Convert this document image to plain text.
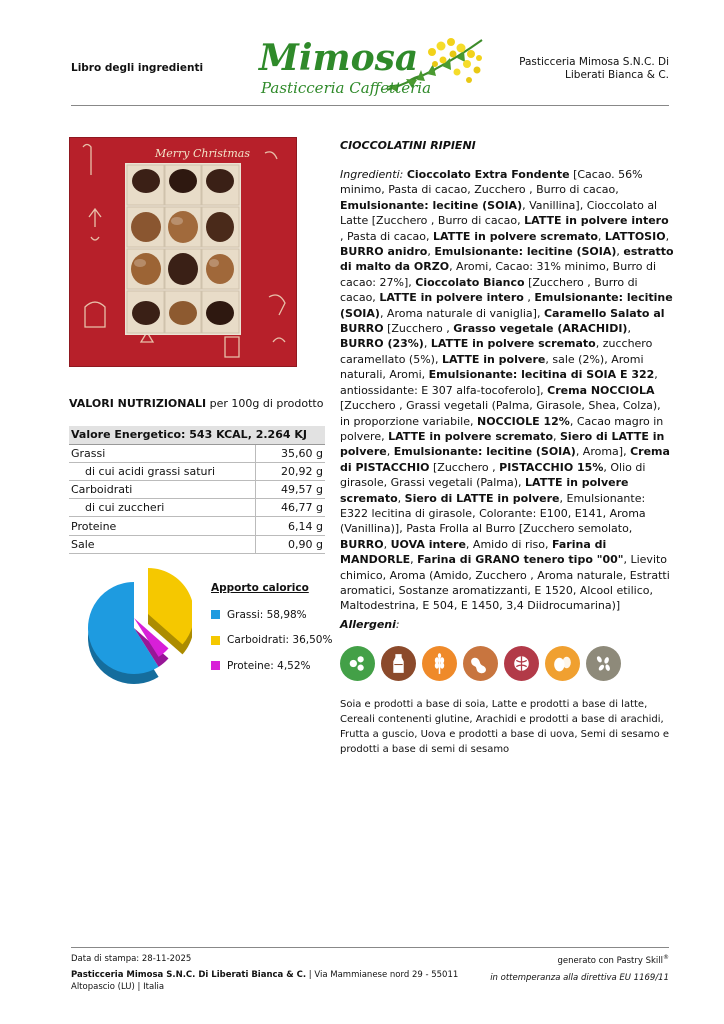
Libro degli ingredienti Mimosa
Pasticceria Caffetteria
Pasticceria Mimosa S.N.C. Di
Liberati Bianca & C.
Merry Christmas
VALORI NUTRIZIONALI per 100g di prodotto
Valore Energetico: 543 KCAL, 2.264 KJ	
Grassi	35,60 g
di cui acidi grassi saturi	20,92 g
Carboidrati	49,57 g
di cui zuccheri	46,77 g
Proteine	6,14 g
Sale	0,90 g
Apporto calorico
Grassi: 58,98%
Carboidrati: 36,50%
Proteine: 4,52%
CIOCCOLATINI RIPIENI
Ingredienti: Cioccolato Extra Fondente [Cacao. 56% minimo, Pasta di cacao, Zucchero , Burro di cacao, Emulsionante: lecitine (SOIA), Vanillina], Cioccolato al Latte [Zucchero , Burro di cacao, LATTE in polvere intero , Pasta di cacao, LATTE in polvere scremato, LATTOSIO, BURRO anidro, Emulsionante: lecitine (SOIA), estratto di malto da ORZO, Aromi, Cacao: 31% minimo, Burro di cacao: 27%], Cioccolato Bianco [Zucchero , Burro di cacao, LATTE in polvere intero , Emulsionante: lecitine (SOIA), Aroma naturale di vaniglia], Caramello Salato al BURRO [Zucchero , Grasso vegetale (ARACHIDI), BURRO (23%), LATTE in polvere scremato, zucchero caramellato (5%), LATTE in polvere, sale (2%), Aromi naturali, Aromi, Emulsionante: lecitina di SOIA E 322, antiossidante: E 307 alfa-tocoferolo], Crema NOCCIOLA [Zucchero , Grassi vegetali (Palma, Girasole, Shea, Colza), in proporzione variabile, NOCCIOLE 12%, Cacao magro in polvere, LATTE in polvere scremato, Siero di LATTE in polvere, Emulsionante: lecitine (SOIA), Aroma], Crema di PISTACCHIO [Zucchero , PISTACCHIO 15%, Olio di girasole, Grassi vegetali (Palma), LATTE in polvere scremato, Siero di LATTE in polvere, Emulsionante: E322 lecitina di girasole, Colorante: E100, E141, Aroma (Vanillina)], Pasta Frolla al Burro [Zucchero semolato, BURRO, UOVA intere, Amido di riso, Farina di MANDORLE, Farina di GRANO tenero tipo "00", Lievito chimico, Aroma (Amido, Zucchero , Aroma naturale, Estratti aromatici, Sostanze aromatizzanti, E 1520, Alcool etilico, Maltodestrina, E 504, E 1450, 3,4 Diidrocumarina)]
Allergeni:
Soia e prodotti a base di soia, Latte e prodotti a base di latte, Cereali contenenti glutine, Arachidi e prodotti a base di arachidi, Frutta a guscio, Uova e prodotti a base di uova, Semi di sesamo e prodotti a base di semi di sesamo
Data di stampa: 28-11-2025	generato con Pastry Skill®
Pasticceria Mimosa S.N.C. Di Liberati Bianca & C. | Via Mammianese nord 29 - 55011
Altopascio (LU) | Italia
in ottemperanza alla direttiva EU 1169/11
